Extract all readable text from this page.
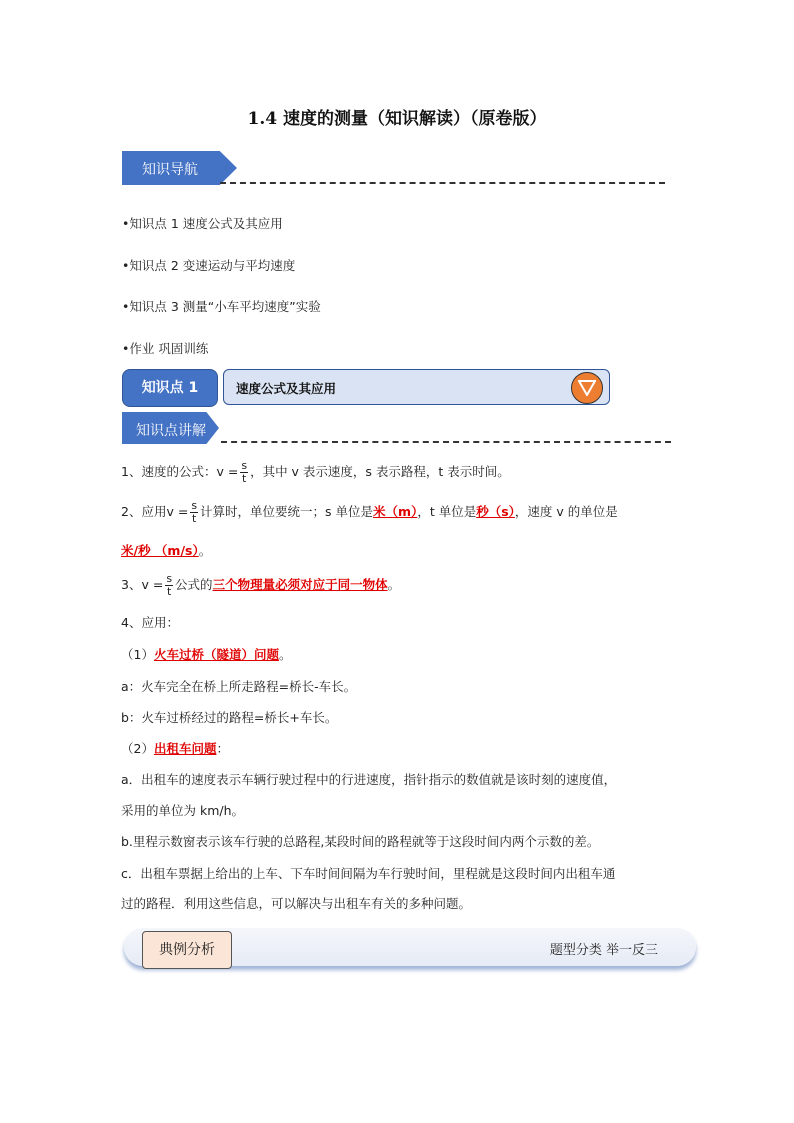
1.4 速度的测量（知识解读）（原卷版）
知识导航
•知识点 1 速度公式及其应用
•知识点 2 变速运动与平均速度
•知识点 3 测量“小车平均速度”实验
•作业 巩固训练
知识点 1	速度公式及其应用
知识点讲解
1、速度的公式：$v = \frac{s}{t}$ ，其中 v 表示速度，s 表示路程，t 表示时间。
2、应用$v = \frac{s}{t}$ 计算时，单位要统一；s 单位是米（m），t 单位是秒（s），速度 v 的单位是
米/秒 （m/s）。
3、$v = \frac{s}{t}$ 公式的三个物理量必须对应于同一物体。
4、应用：
（1）火车过桥（隧道）问题。
a：火车完全在桥上所走路程=桥长-车长。
b：火车过桥经过的路程=桥长+车长。
（2）出租车问题：
a．出租车的速度表示车辆行驶过程中的行进速度，指针指示的数值就是该时刻的速度值，
采用的单位为 km/h。
b.里程示数窗表示该车行驶的总路程,某段时间的路程就等于这段时间内两个示数的差。
c．出租车票据上给出的上车、下车时间间隔为车行驶时间，里程就是这段时间内出租车通
过的路程．利用这些信息，可以解决与出租车有关的多种问题。
典例分析	题型分类 举一反三
